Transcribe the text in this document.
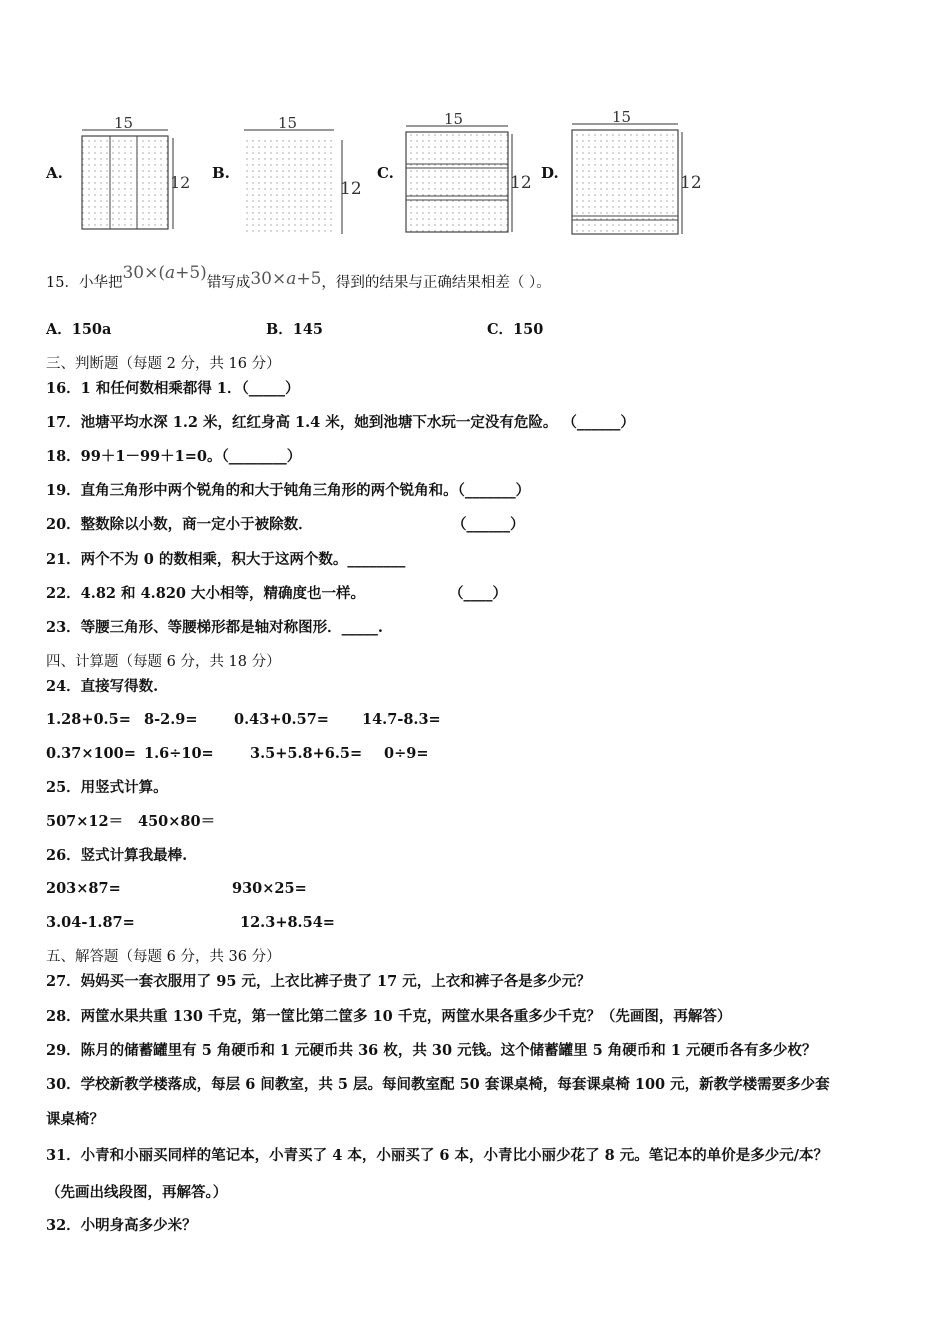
A.
15
12 B.
15
12
C.
15
12 D.
15
12
15．小华把30×(a+5)错写成30×a+5，得到的结果与正确结果相差（ ）。
A．150a	B．145	C．150
三、判断题（每题 2 分，共 16 分）
16．1 和任何数相乘都得 1．（_____）
17．池塘平均水深 1.2 米，红红身高 1.4 米，她到池塘下水玩一定没有危险。 （______）
18．99＋1－99＋1=0。（________）
19．直角三角形中两个锐角的和大于钝角三角形的两个锐角和。（_______）
20．整数除以小数，商一定小于被除数．	（______）
21．两个不为 0 的数相乘，积大于这两个数。________
22．4.82 和 4.820 大小相等，精确度也一样。	（____）
23．等腰三角形、等腰梯形都是轴对称图形．_____.
四、计算题（每题 6 分，共 18 分）
24．直接写得数.
1.28+0.5= 8-2.9=	0.43+0.57= 14.7-8.3=
0.37×100= 1.6÷10=	3.5+5.8+6.5= 0÷9=
25．用竖式计算。
507×12＝ 450×80＝
26．竖式计算我最棒.
203×87=	930×25=
3.04-1.87=	12.3+8.54=
五、解答题（每题 6 分，共 36 分）
27．妈妈买一套衣服用了 95 元，上衣比裤子贵了 17 元，上衣和裤子各是多少元？
28．两筐水果共重 130 千克，第一筐比第二筐多 10 千克，两筐水果各重多少千克？（先画图，再解答）
29．陈月的储蓄罐里有 5 角硬币和 1 元硬币共 36 枚，共 30 元钱。这个储蓄罐里 5 角硬币和 1 元硬币各有多少枚？
30．学校新教学楼落成，每层 6 间教室，共 5 层。每间教室配 50 套课桌椅，每套课桌椅 100 元，新教学楼需要多少套
课桌椅？
31．小青和小丽买同样的笔记本，小青买了 4 本，小丽买了 6 本，小青比小丽少花了 8 元。笔记本的单价是多少元/本？
（先画出线段图，再解答。）
32．小明身高多少米？
